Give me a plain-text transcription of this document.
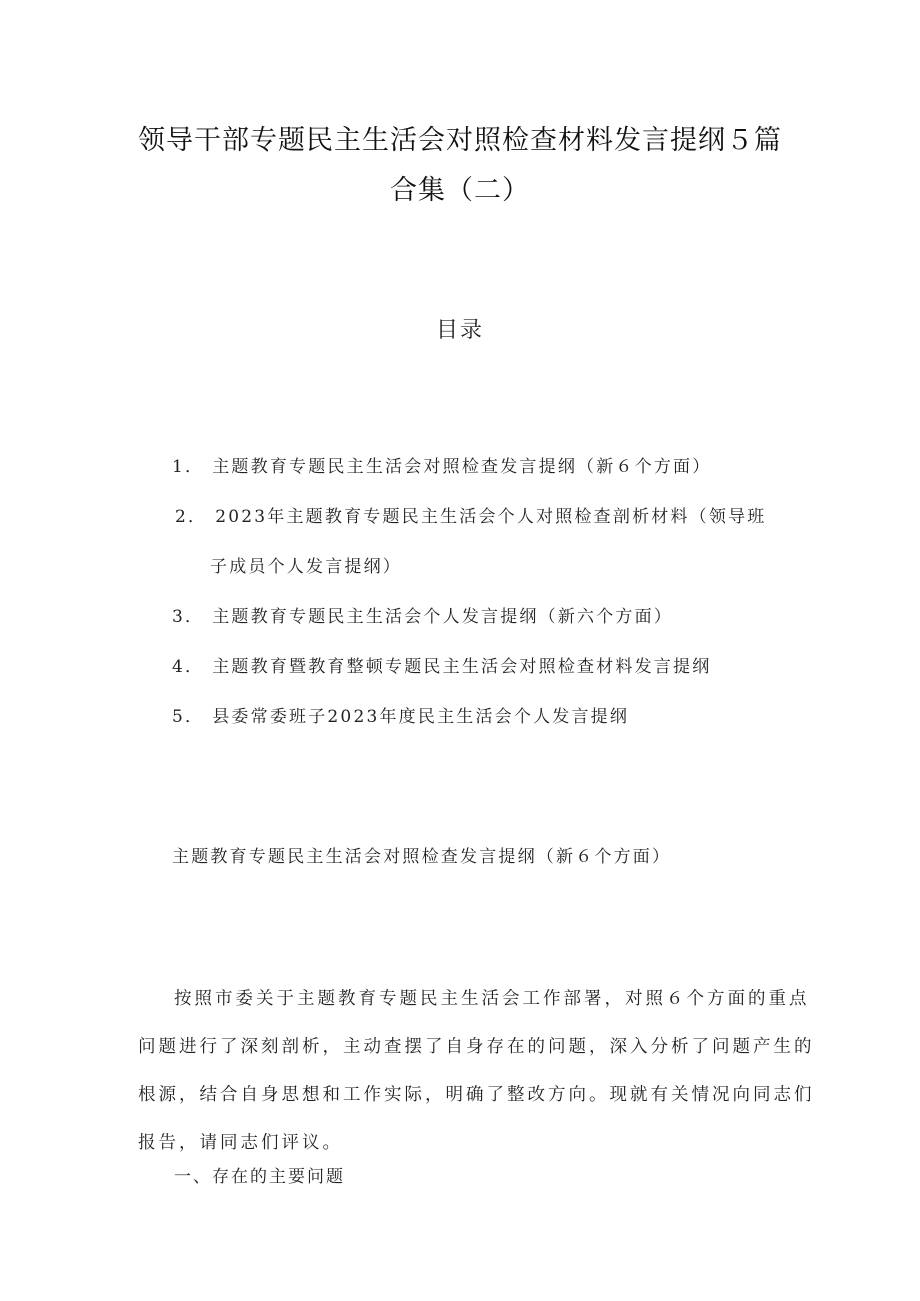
领导干部专题民主生活会对照检查材料发言提纲５篇
合集（二）
目录
1． 主题教育专题民主生活会对照检查发言提纲（新６个方面）
2． 2023年主题教育专题民主生活会个人对照检查剖析材料（领导班
子成员个人发言提纲）
3． 主题教育专题民主生活会个人发言提纲（新六个方面）
4． 主题教育暨教育整顿专题民主生活会对照检查材料发言提纲
5． 县委常委班子2023年度民主生活会个人发言提纲
主题教育专题民主生活会对照检查发言提纲（新６个方面）
按照市委关于主题教育专题民主生活会工作部署，对照６个方面的重点
问题进行了深刻剖析，主动查摆了自身存在的问题，深入分析了问题产生的
根源，结合自身思想和工作实际，明确了整改方向。现就有关情况向同志们
报告，请同志们评议。
一、存在的主要问题
